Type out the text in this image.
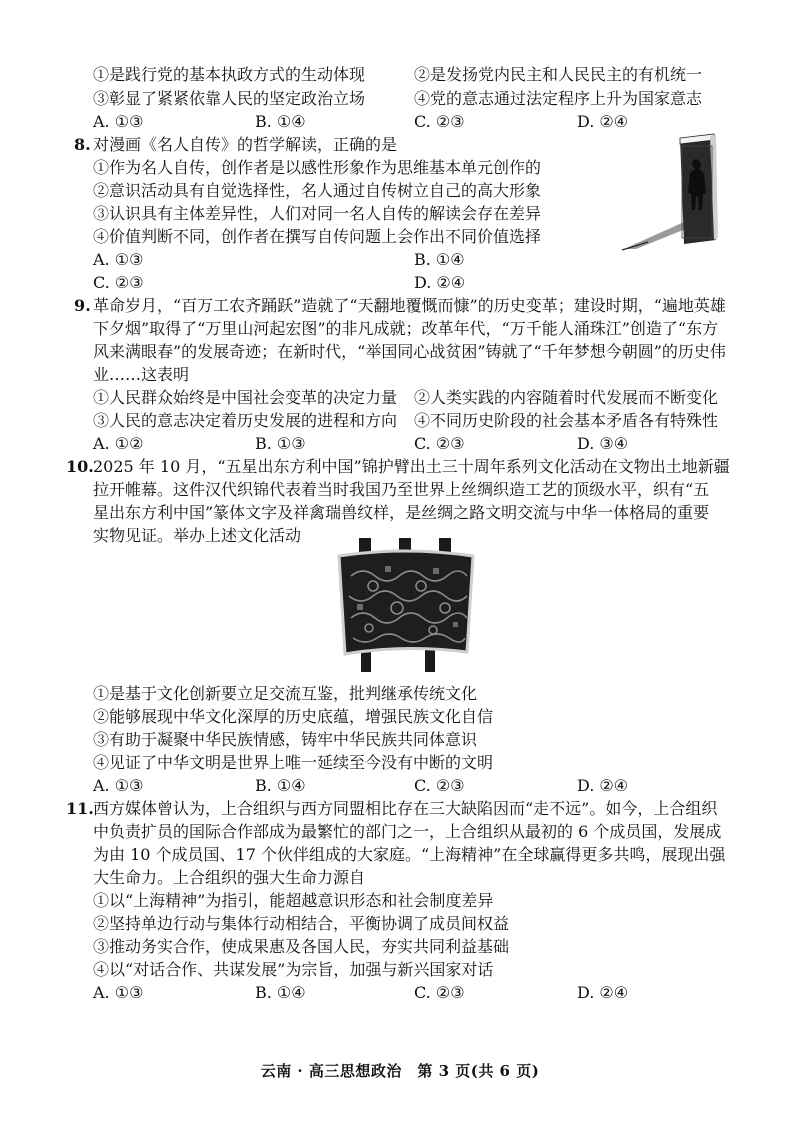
①是践行党的基本执政方式的生动体现	②是发扬党内民主和人民民主的有机统一
③彰显了紧紧依靠人民的坚定政治立场	④党的意志通过法定程序上升为国家意志
A. ①③	B. ①④	C. ②③	D. ②④
8. 对漫画《名人自传》的哲学解读，正确的是
①作为名人自传，创作者是以感性形象作为思维基本单元创作的
②意识活动具有自觉选择性，名人通过自传树立自己的高大形象
③认识具有主体差异性，人们对同一名人自传的解读会存在差异
④价值判断不同，创作者在撰写自传问题上会作出不同价值选择
A. ①③	B. ①④
C. ②③	D. ②④
9. 革命岁月，“百万工农齐踊跃”造就了“天翻地覆慨而慷”的历史变革；建设时期，“遍地英雄
下夕烟”取得了“万里山河起宏图”的非凡成就；改革年代，“万千能人涌珠江”创造了“东方
风来满眼春”的发展奇迹；在新时代，“举国同心战贫困”铸就了“千年梦想今朝圆”的历史伟
业……这表明
①人民群众始终是中国社会变革的决定力量 ②人类实践的内容随着时代发展而不断变化
③人民的意志决定着历史发展的进程和方向 ④不同历史阶段的社会基本矛盾各有特殊性
A. ①②	B. ①③	C. ②③	D. ③④
10. 2025 年 10 月，“五星出东方利中国”锦护臂出土三十周年系列文化活动在文物出土地新疆
拉开帷幕。这件汉代织锦代表着当时我国乃至世界上丝绸织造工艺的顶级水平，织有“五
星出东方利中国”篆体文字及祥禽瑞兽纹样，是丝绸之路文明交流与中华一体格局的重要
实物见证。举办上述文化活动
①是基于文化创新要立足交流互鉴，批判继承传统文化
②能够展现中华文化深厚的历史底蕴，增强民族文化自信
③有助于凝聚中华民族情感，铸牢中华民族共同体意识
④见证了中华文明是世界上唯一延续至今没有中断的文明
A. ①③	B. ①④	C. ②③	D. ②④
11. 西方媒体曾认为，上合组织与西方同盟相比存在三大缺陷因而“走不远”。如今，上合组织
中负责扩员的国际合作部成为最繁忙的部门之一，上合组织从最初的 6 个成员国，发展成
为由 10 个成员国、17 个伙伴组成的大家庭。“上海精神”在全球赢得更多共鸣，展现出强
大生命力。上合组织的强大生命力源自
①以“上海精神”为指引，能超越意识形态和社会制度差异
②坚持单边行动与集体行动相结合，平衡协调了成员间权益
③推动务实合作，使成果惠及各国人民，夯实共同利益基础
④以“对话合作、共谋发展”为宗旨，加强与新兴国家对话
A. ①③	B. ①④	C. ②③	D. ②④
云南 · 高三思想政治　第 3 页(共 6 页)
